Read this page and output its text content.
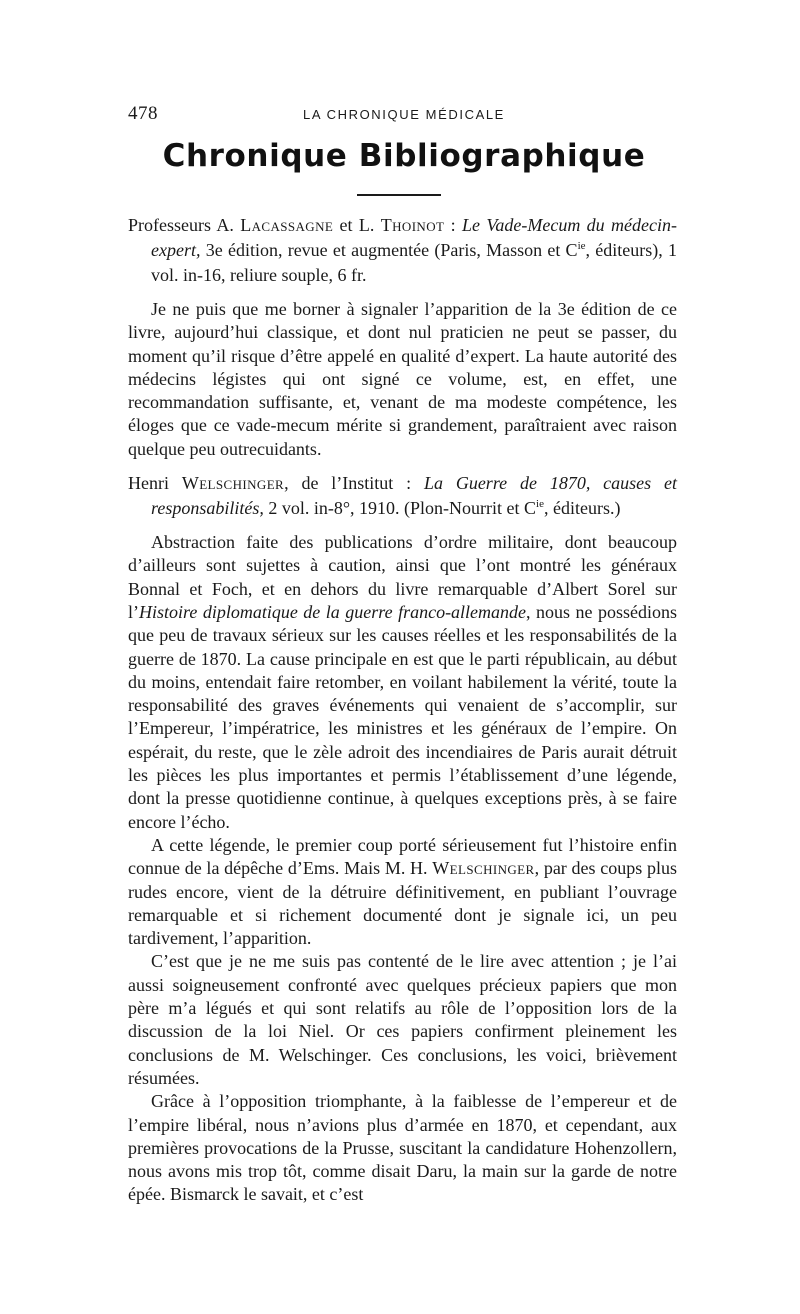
478	LA CHRONIQUE MÉDICALE
Chronique Bibliographique

Professeurs A. Lacassagne et L. Thoinot : Le Vade-Mecum du médecin-expert, 3e édition, revue et augmentée (Paris, Masson et $C^{ie}$, éditeurs), 1 vol. in-16, reliure souple, 6 fr.

Je ne puis que me borner à signaler l’apparition de la 3e édition de ce livre, aujourd’hui classique, et dont nul praticien ne peut se passer, du moment qu’il risque d’être appelé en qualité d’expert. La haute autorité des médecins légistes qui ont signé ce volume, est, en effet, une recommandation suffisante, et, venant de ma modeste compétence, les éloges que ce vade-mecum mérite si grandement, paraîtraient avec raison quelque peu outrecuidants.

Henri Welschinger, de l’Institut : La Guerre de 1870, causes et responsabilités, 2 vol. in-8°, 1910. (Plon-Nourrit et $C^{ie}$, éditeurs.)

Abstraction faite des publications d’ordre militaire, dont beaucoup d’ailleurs sont sujettes à caution, ainsi que l’ont montré les généraux Bonnal et Foch, et en dehors du livre remarquable d’Albert Sorel sur l’Histoire diplomatique de la guerre franco-allemande, nous ne possédions que peu de travaux sérieux sur les causes réelles et les responsabilités de la guerre de 1870. La cause principale en est que le parti républicain, au début du moins, entendait faire retomber, en voilant habilement la vérité, toute la responsabilité des graves événements qui venaient de s’accomplir, sur l’Empereur, l’impératrice, les ministres et les généraux de l’empire. On espérait, du reste, que le zèle adroit des incendiaires de Paris aurait détruit les pièces les plus importantes et permis l’établissement d’une légende, dont la presse quotidienne continue, à quelques exceptions près, à se faire encore l’écho.

A cette légende, le premier coup porté sérieusement fut l’histoire enfin connue de la dépêche d’Ems. Mais M. H. Welschinger, par des coups plus rudes encore, vient de la détruire définitivement, en publiant l’ouvrage remarquable et si richement documenté dont je signale ici, un peu tardivement, l’apparition.

C’est que je ne me suis pas contenté de le lire avec attention ; je l’ai aussi soigneusement confronté avec quelques précieux papiers que mon père m’a légués et qui sont relatifs au rôle de l’opposition lors de la discussion de la loi Niel. Or ces papiers confirment pleinement les conclusions de M. Welschinger. Ces conclusions, les voici, brièvement résumées.

Grâce à l’opposition triomphante, à la faiblesse de l’empereur et de l’empire libéral, nous n’avions plus d’armée en 1870, et cependant, aux premières provocations de la Prusse, suscitant la candidature Hohenzollern, nous avons mis trop tôt, comme disait Daru, la main sur la garde de notre épée. Bismarck le savait, et c’est
